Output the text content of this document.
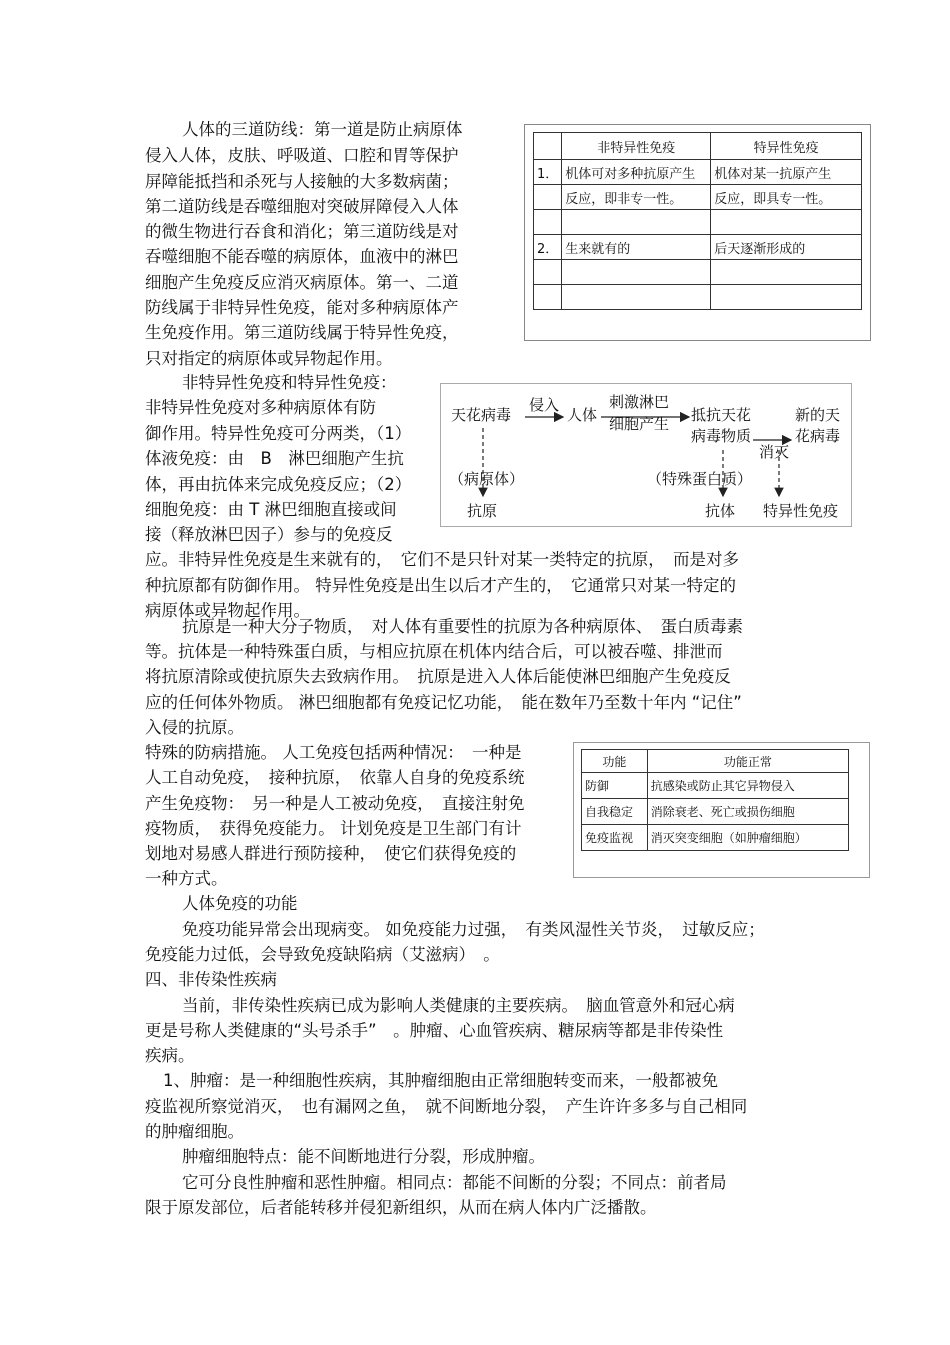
人体的三道防线：第一道是防止病原体
侵入人体，皮肤、呼吸道、口腔和胃等保护
屏障能抵挡和杀死与人接触的大多数病菌；
第二道防线是吞噬细胞对突破屏障侵入人体
的微生物进行吞食和消化；第三道防线是对
吞噬细胞不能吞噬的病原体，血液中的淋巴
细胞产生免疫反应消灭病原体。第一、二道
防线属于非特异性免疫，能对多种病原体产
生免疫作用。第三道防线属于特异性免疫，
只对指定的病原体或异物起作用。
	非特异性免疫	特异性免疫
1．	机体可对多种抗原产生	机体对某一抗原产生
	反应，即非专一性。	反应，即具专一性。

2．	生来就有的	后天逐渐形成的

非特异性免疫和特异性免疫：
非特异性免疫对多种病原体有防
御作用。特异性免疫可分两类，（1）
体液免疫：由　B　淋巴细胞产生抗
体，再由抗体来完成免疫反应；（2）
细胞免疫：由 T 淋巴细胞直接或间
接（释放淋巴因子）参与的免疫反
应。非特异性免疫是生来就有的，　它们不是只针对某一类特定的抗原，　而是对多
种抗原都有防御作用。 特异性免疫是出生以后才产生的，　它通常只对某一特定的
病原体或异物起作用。
天花病毒
侵入
人体
刺激淋巴
细胞产生 抵抗天花
病毒物质
新的天
花病毒
消灭
（病原体）	（特殊蛋白质）
抗原	抗体 特异性免疫
抗原是一种大分子物质，　对人体有重要性的抗原为各种病原体、　蛋白质毒素
等。抗体是一种特殊蛋白质，与相应抗原在机体内结合后，可以被吞噬、排泄而
将抗原清除或使抗原失去致病作用。　抗原是进入人体后能使淋巴细胞产生免疫反
应的任何体外物质。 淋巴细胞都有免疫记忆功能，　能在数年乃至数十年内 “记住”
入侵的抗原。
特殊的防病措施。 人工免疫包括两种情况：　一种是
人工自动免疫，　接种抗原，　依靠人自身的免疫系统
产生免疫物：　另一种是人工被动免疫，　直接注射免
疫物质，　获得免疫能力。 计划免疫是卫生部门有计
划地对易感人群进行预防接种，　使它们获得免疫的
一种方式。
功能	功能正常
防御	抗感染或防止其它异物侵入
自我稳定	消除衰老、死亡或损伤细胞
免疫监视	消灭突变细胞（如肿瘤细胞）
人体免疫的功能
免疫功能异常会出现病变。 如免疫能力过强，　有类风湿性关节炎，　过敏反应；
免疫能力过低，会导致免疫缺陷病（艾滋病）　。
四、非传染性疾病
当前，非传染性疾病已成为影响人类健康的主要疾病。　脑血管意外和冠心病
更是号称人类健康的“头号杀手”　。肿瘤、心血管疾病、糖尿病等都是非传染性
疾病。
1、肿瘤：是一种细胞性疾病，其肿瘤细胞由正常细胞转变而来，一般都被免
疫监视所察觉消灭，　也有漏网之鱼，　就不间断地分裂，　产生许许多多与自己相同
的肿瘤细胞。
肿瘤细胞特点：能不间断地进行分裂，形成肿瘤。
它可分良性肿瘤和恶性肿瘤。相同点：都能不间断的分裂；不同点：前者局
限于原发部位，后者能转移并侵犯新组织，从而在病人体内广泛播散。
